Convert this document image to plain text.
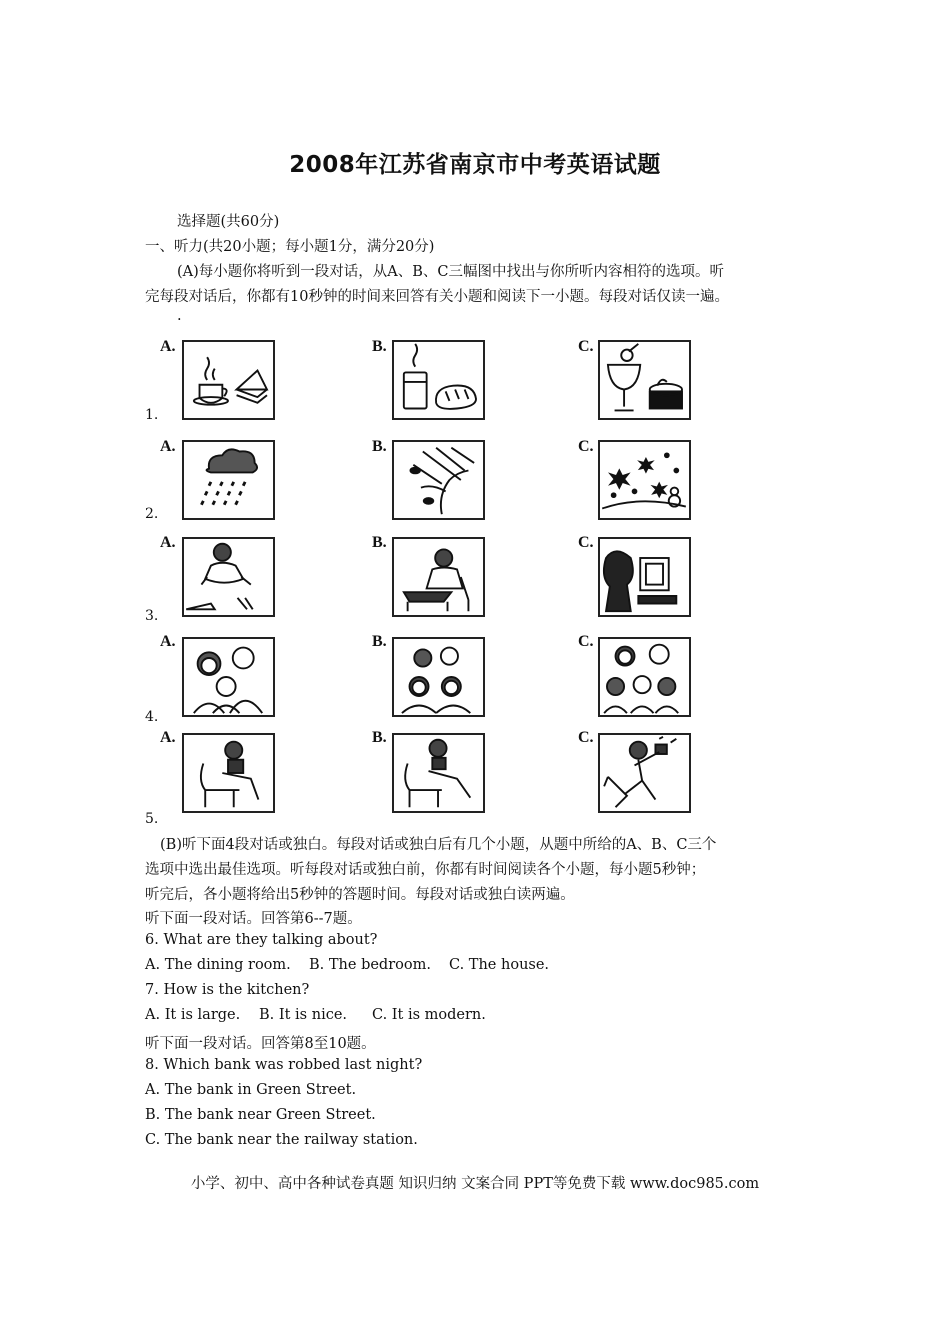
2008年江苏省南京市中考英语试题
选择题(共60分)
一、听力(共20小题；每小题1分，满分20分)
(A)每小题你将听到一段对话，从A、B、C三幅图中找出与你所听内容相符的选项。听
完每段对话后，你都有10秒钟的时间来回答有关小题和阅读下一小题。每段对话仅读一遍。
.
1.
A.	B.	C.
2.
A.	B.	C.
3.
A.	B.	C.
4.
A.	B.	C.
5.
A.	B.	C.
(B)听下面4段对话或独白。每段对话或独白后有几个小题，从题中所给的A、B、C三个
选项中选出最佳选项。听每段对话或独白前，你都有时间阅读各个小题，每小题5秒钟；
听完后，各小题将给出5秒钟的答题时间。每段对话或独白读两遍。
听下面一段对话。回答第6--7题。
6. What are they talking about?
A. The dining room. B. The bedroom. C. The house.
7. How is the kitchen?
A. It is large. B. It is nice. C. It is modern.
听下面一段对话。回答第8至10题。
8. Which bank was robbed last night?
A. The bank in Green Street.
B. The bank near Green Street.
C. The bank near the railway station.
小学、初中、高中各种试卷真题 知识归纳 文案合同 PPT等免费下载 www.doc985.com
